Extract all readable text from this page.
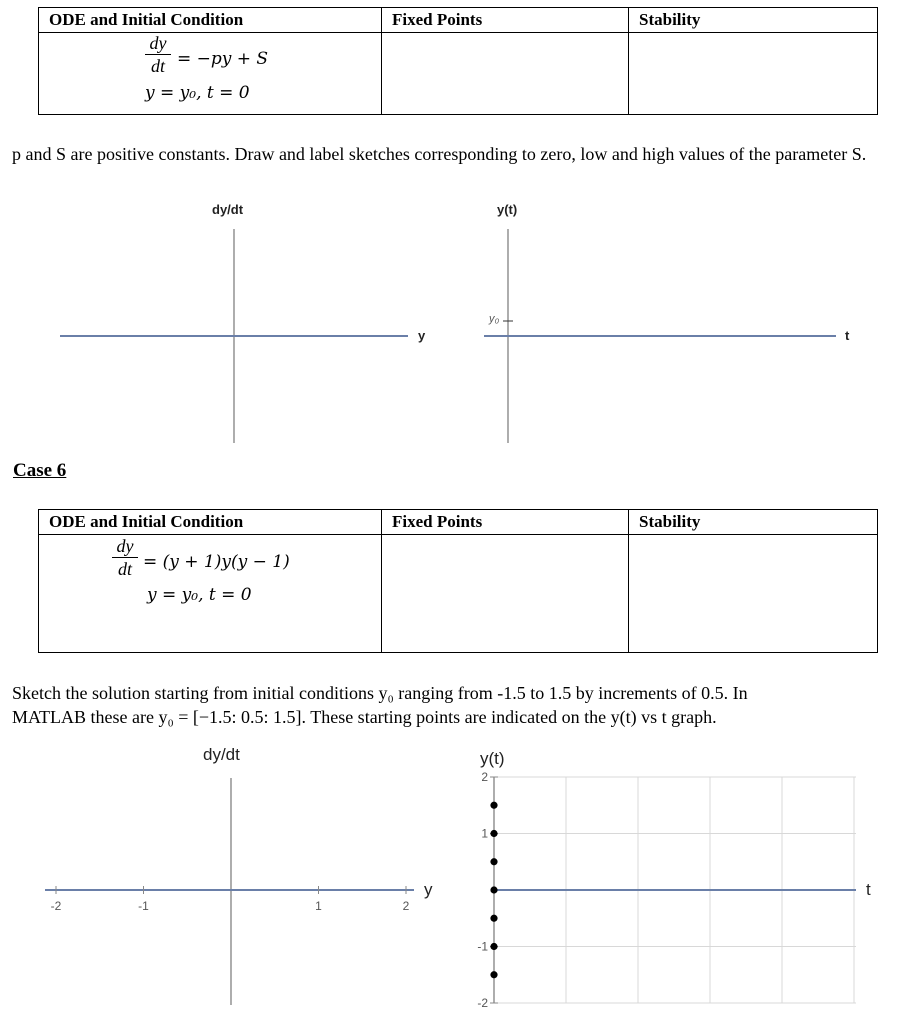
ODE and Initial Condition	Fixed Points	Stability

dy
dt = −py + S
y = y₀, t = 0
p and S are positive constants. Draw and label sketches corresponding to zero, low and high values of the parameter S.
dy/dt
y
y(t)
t
y₀
Case 6
ODE and Initial Condition	Fixed Points	Stability

dy
dt = (y + 1)y(y − 1)
y = y₀, t = 0
Sketch the solution starting from initial conditions y₀ ranging from -1.5 to 1.5 by increments of 0.5. In
MATLAB these are y₀ = [−1.5: 0.5: 1.5]. These starting points are indicated on the y(t) vs t graph.
dy/dt	y(t)
y	t
-2	-1	1	2
2
1
-1
-2
